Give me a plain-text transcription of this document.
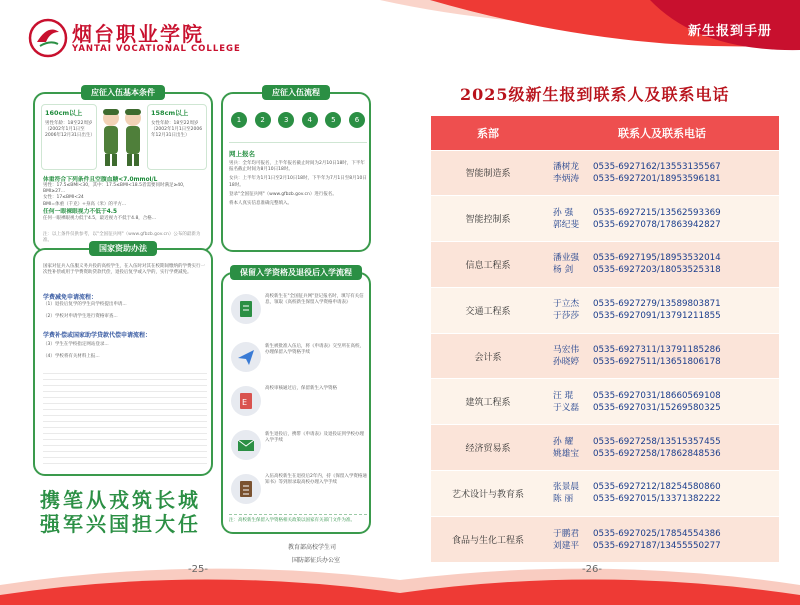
新生报到手册
烟台职业学院
YANTAI VOCATIONAL COLLEGE
应征入伍基本条件
160cm以上
男性年龄：18至22周岁（2002年1月1日至2006年12月31日出生）
158cm以上
女性年龄：18至22周岁（2002年1月1日至2006年12月31日出生）
体重符合下列条件且空腹血糖<7.0mmol/L
男性：17.5≤BMI<30，其中：17.5≤BMI<18.5者需要同时满足≥40，BMI≥27...
女性：17≤BMI<24
BMI=体重（千克）÷身高（米）的平方...
任何一眼裸眼视力不低于4.5
任何一眼裸眼视力低于4.5，最近视力不低于4.8，合格...
注：以上条件仅供参考，以"全国征兵网"（www.gfbzb.gov.cn）公布的最新为准。
应征入伍流程
1	2	3	4	5	6
网上报名
男兵：全年均可报名，上半年报名截止时间为2月10日18时，下半年报名截止时间为8月10日18时。
女兵：上半年为1月1日至2月10日18时，下半年为7月1日至8月10日18时。
登录"全国征兵网"（www.gfbzb.gov.cn）进行报名。
将本人真实信息准确完整填入。
国家资助办法
国家对征兵入伍服义务兵役的高校学生，在入伍时对其在校期间缴纳的学费实行一次性补偿或用于学费资助贷款代偿，退役后复学或入学的，实行学费减免。
学费减免申请流程：
（1）退役后复学的学生向学校提出申请...
（2）学校对申请学生进行资格审查...
学费补偿或国家助学贷款代偿申请流程：
（3）学生在学校指定网站登录...
（4）学校将有关材料上报...
保留入学资格及退役后入学流程
高校新生在"全国征兵网"登记报名时，填写有关信息，领取《高校新生保留入学资格申请表》
新生被批准入伍后，将《申请表》交至所在高校，办理保留入学资格手续
E
高校审核通过后，保留新生入学资格
新生退役后，携带《申请表》及退役证到学校办理入学手续
入伍高校新生在退役后2年内，持《保留入学资格通知书》等到原录取高校办理入学手续
注：高校新生保留入学资格相关政策以国家有关部门文件为准。
携笔从戎筑长城
强军兴国担大任
教育部高校学生司
国防部征兵办公室
-25-	-26-
2025级新生报到联系人及联系电话
系部	联系人及联系电话
智能制造系	潘树龙 0535-6927162/13553135567
李炳涛 0535-6927201/18953596181

智能控制系	孙 强 0535-6927215/13562593369
郭纪斐 0535-6927078/17863942827

信息工程系	潘业强 0535-6927195/18953532014
杨 剑 0535-6927203/18053525318

交通工程系	于立杰 0535-6927279/13589803871
于莎莎 0535-6927091/13791211855

会计系	马宏伟 0535-6927311/13791185286
孙晓婷 0535-6927511/13651806178

建筑工程系	汪 琨 0535-6927031/18660569108
于义磊 0535-6927031/15269580325

经济贸易系	孙 耀 0535-6927258/13515357455
姚雄宝 0535-6927258/17862848536

艺术设计与教育系	张景晨 0535-6927212/18254580860
陈 丽 0535-6927015/13371382222

食品与生化工程系	于鹏君 0535-6927025/17854554386
刘建平 0535-6927187/13455550277
